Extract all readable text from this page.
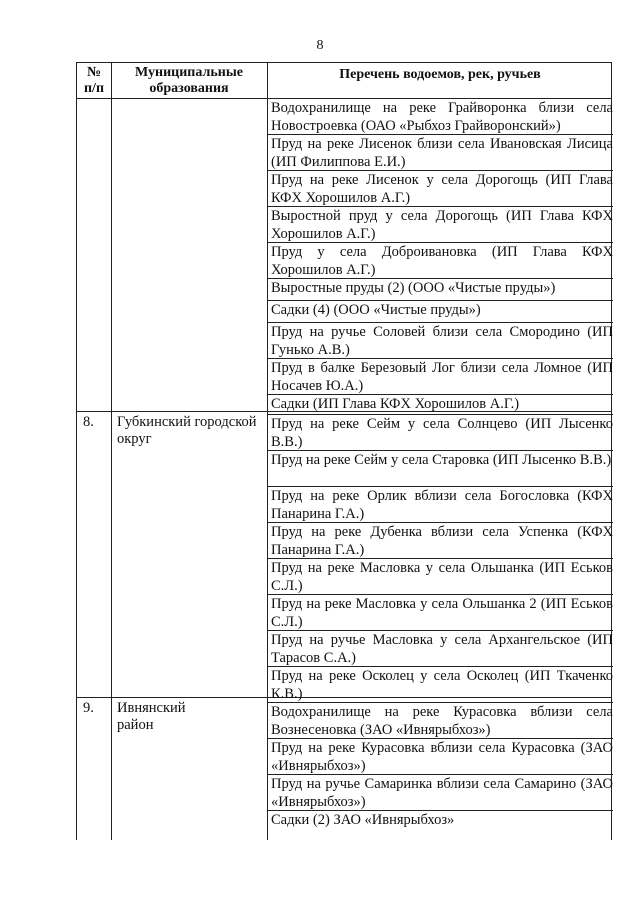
8
№
п/п
Муниципальные
образования
Перечень водоемов, рек, ручьев
8. Губкинский городской округ
9. Ивнянский район
Водохранилище на реке Грайворонка близи села Новостроевка (ОАО «Рыбхоз Грайворонский»)
Пруд на реке Лисенок близи села Ивановская Лисица (ИП Филиппова Е.И.)
Пруд на реке Лисенок у села Дорогощь (ИП Глава КФХ Хорошилов А.Г.)
Выростной пруд у села Дорогощь (ИП Глава КФХ Хорошилов А.Г.)
Пруд у села Доброивановка (ИП Глава КФХ Хорошилов А.Г.)
Выростные пруды (2) (ООО «Чистые пруды»)
Садки (4) (ООО «Чистые пруды»)
Пруд на ручье Соловей близи села Смородино (ИП Гунько А.В.)
Пруд в балке Березовый Лог близи села Ломное (ИП Носачев Ю.А.)
Садки (ИП Глава КФХ Хорошилов А.Г.)
Пруд на реке Сейм у села Солнцево (ИП Лысенко В.В.)
Пруд на реке Сейм у села Старовка (ИП Лысенко В.В.)
Пруд на реке Орлик вблизи села Богословка (КФХ Панарина Г.А.)
Пруд на реке Дубенка вблизи села Успенка (КФХ Панарина Г.А.)
Пруд на реке Масловка у села Ольшанка (ИП Еськов С.Л.)
Пруд на реке Масловка у села Ольшанка 2 (ИП Еськов С.Л.)
Пруд на ручье Масловка у села Архангельское (ИП Тарасов С.А.)
Пруд на реке Осколец у села Осколец (ИП Ткаченко К.В.)
Водохранилище на реке Курасовка вблизи села Вознесеновка (ЗАО «Ивнярыбхоз»)
Пруд на реке Курасовка вблизи села Курасовка (ЗАО «Ивнярыбхоз»)
Пруд на ручье Самаринка вблизи села Самарино (ЗАО «Ивнярыбхоз»)
Садки (2) ЗАО «Ивнярыбхоз»
